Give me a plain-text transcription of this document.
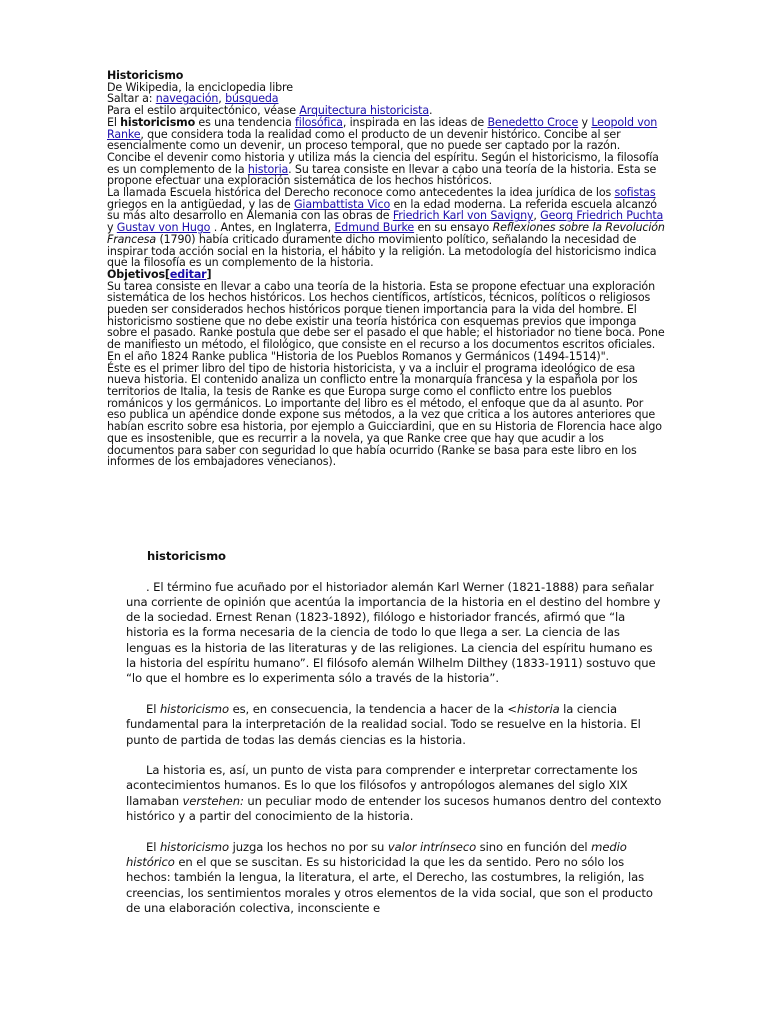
Historicismo

De Wikipedia, la enciclopedia libre

Saltar a: navegación, búsqueda

Para el estilo arquitectónico, véase Arquitectura historicista.

El historicismo es una tendencia filosófica, inspirada en las ideas de Benedetto Croce y Leopold von Ranke, que considera toda la realidad como el producto de un devenir histórico. Concibe al ser esencialmente como un devenir, un proceso temporal, que no puede ser captado por la razón. Concibe el devenir como historia y utiliza más la ciencia del espíritu. Según el historicismo, la filosofía es un complemento de la historia. Su tarea consiste en llevar a cabo una teoría de la historia. Esta se propone efectuar una exploración sistemática de los hechos históricos.

La llamada Escuela histórica del Derecho reconoce como antecedentes la idea jurídica de los sofistas griegos en la antigüedad, y las de Giambattista Vico en la edad moderna. La referida escuela alcanzó su más alto desarrollo en Alemania con las obras de Friedrich Karl von Savigny, Georg Friedrich Puchta y Gustav von Hugo . Antes, en Inglaterra, Edmund Burke en su ensayo Reflexiones sobre la Revolución Francesa (1790) había criticado duramente dicho movimiento político, señalando la necesidad de inspirar toda acción social en la historia, el hábito y la religión. La metodología del historicismo indica que la filosofía es un complemento de la historia.

Objetivos[editar]

Su tarea consiste en llevar a cabo una teoría de la historia. Esta se propone efectuar una exploración sistemática de los hechos históricos. Los hechos científicos, artísticos, técnicos, políticos o religiosos pueden ser considerados hechos históricos porque tienen importancia para la vida del hombre. El historicismo sostiene que no debe existir una teoría histórica con esquemas previos que imponga sobre el pasado. Ranke postula que debe ser el pasado el que hable; el historiador no tiene boca. Pone de manifiesto un método, el filológico, que consiste en el recurso a los documentos escritos oficiales. En el año 1824 Ranke publica "Historia de los Pueblos Romanos y Germánicos (1494-1514)".

Éste es el primer libro del tipo de historia historicista, y va a incluir el programa ideológico de esa nueva historia. El contenido analiza un conflicto entre la monarquía francesa y la española por los territorios de Italia, la tesis de Ranke es que Europa surge como el conflicto entre los pueblos románicos y los germánicos. Lo importante del libro es el método, el enfoque que da al asunto. Por eso publica un apéndice donde expone sus métodos, a la vez que critica a los autores anteriores que habían escrito sobre esa historia, por ejemplo a Guicciardini, que en su Historia de Florencia hace algo que es insostenible, que es recurrir a la novela, ya que Ranke cree que hay que acudir a los documentos para saber con seguridad lo que había ocurrido (Ranke se basa para este libro en los informes de los embajadores venecianos).

historicismo

. El término fue acuñado por el historiador alemán Karl Werner (1821-1888) para señalar una corriente de opinión que acentúa la importancia de la historia en el destino del hombre y de la sociedad. Ernest Renan (1823-1892), filólogo e historiador francés, afirmó que “la historia es la forma necesaria de la ciencia de todo lo que llega a ser. La ciencia de las lenguas es la historia de las literaturas y de las religiones. La ciencia del espíritu humano es la historia del espíritu humano”. El filósofo alemán Wilhelm Dilthey (1833-1911) sostuvo que “lo que el hombre es lo experimenta sólo a través de la historia”.

El historicismo es, en consecuencia, la tendencia a hacer de la <historia la ciencia fundamental para la interpretación de la realidad social. Todo se resuelve en la historia. El punto de partida de todas las demás ciencias es la historia.

La historia es, así, un punto de vista para comprender e interpretar correctamente los acontecimientos humanos. Es lo que los filósofos y antropólogos alemanes del siglo XIX llamaban verstehen: un peculiar modo de entender los sucesos humanos dentro del contexto histórico y a partir del conocimiento de la historia.

El historicismo juzga los hechos no por su valor intrínseco sino en función del medio histórico en el que se suscitan. Es su historicidad la que les da sentido. Pero no sólo los hechos: también la lengua, la literatura, el arte, el Derecho, las costumbres, la religión, las creencias, los sentimientos morales y otros elementos de la vida social, que son el producto de una elaboración colectiva, inconsciente e
